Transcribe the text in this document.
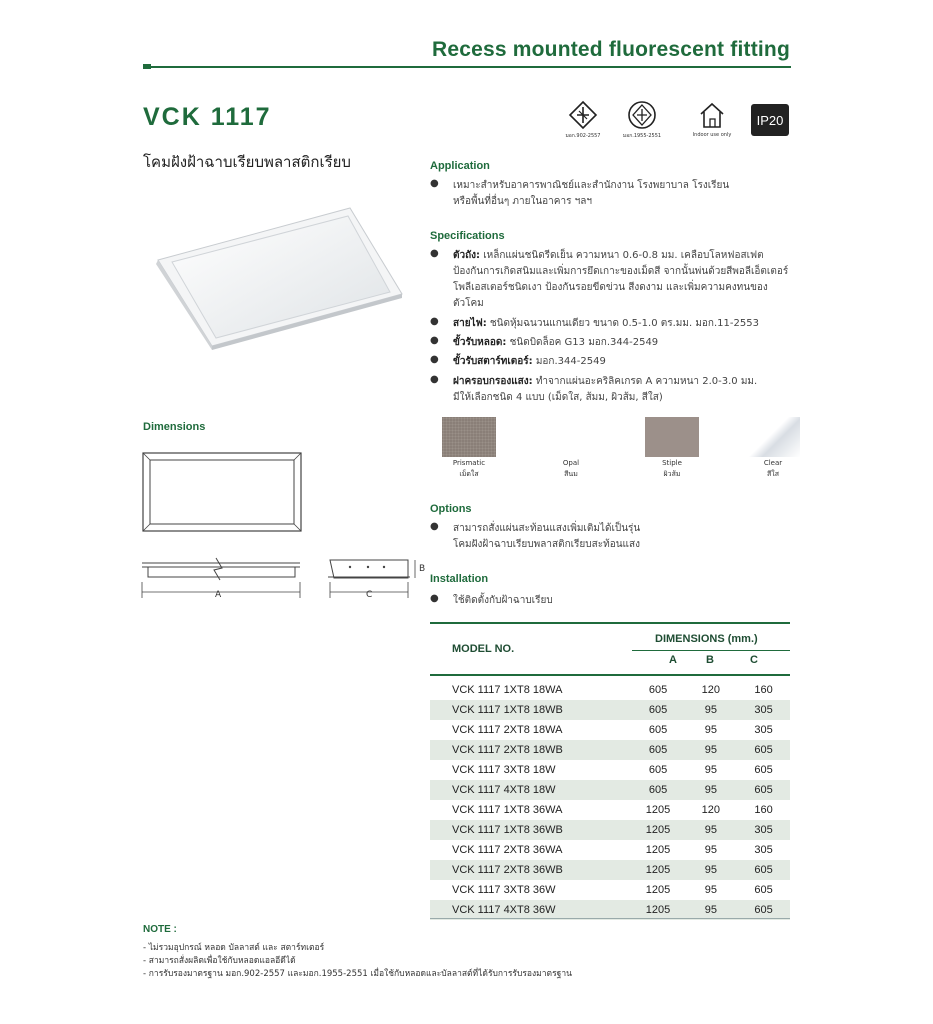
Recess mounted fluorescent fitting
VCK 1117
โคมฝังฝ้าฉาบเรียบพลาสติกเรียบ
มอก.902-2557	มอก.1955-2551	Indoor use only
IP20
Dimensions
A	C
B
Application
● เหมาะสำหรับอาคารพาณิชย์และสำนักงาน โรงพยาบาล โรงเรียน
หรือพื้นที่อื่นๆ ภายในอาคาร ฯลฯ
Specifications
● ตัวถัง: เหล็กแผ่นชนิดรีดเย็น ความหนา 0.6-0.8 มม. เคลือบโลหฟอสเฟต
ป้องกันการเกิดสนิมและเพิ่มการยึดเกาะของเม็ดสี จากนั้นพ่นด้วยสีพอลีเอ็ตเตอร์
โพลีเอสเตอร์ชนิดเงา ป้องกันรอยขีดข่วน สีงดงาม และเพิ่มความคงทนของ
ตัวโคม
● สายไฟ: ชนิดหุ้มฉนวนแกนเดียว ขนาด 0.5-1.0 ตร.มม. มอก.11-2553
● ขั้วรับหลอด: ชนิดบิดล็อค G13 มอก.344-2549
● ขั้วรับสตาร์ทเตอร์: มอก.344-2549
● ฝาครอบกรองแสง: ทำจากแผ่นอะคริลิคเกรด A ความหนา 2.0-3.0 มม.
มีให้เลือกชนิด 4 แบบ (เม็ดใส, ส้มม, ผิวส้ม, สีใส)
Prismatic
เม็ดใส
Opal
สีนม
Stiple
ผิวส้ม
Clear
สีใส
Options
● สามารถสั่งแผ่นสะท้อนแสงเพิ่มเติมได้เป็นรุ่น
โคมฝังฝ้าฉาบเรียบพลาสติกเรียบสะท้อนแสง
Installation
● ใช้ติดตั้งกับฝ้าฉาบเรียบ
MODEL NO.
DIMENSIONS (mm.)
A	B	C
VCK 1117 1XT8 18WA	605	120	160
VCK 1117 1XT8 18WB	605	95	305
VCK 1117 2XT8 18WA	605	95	305
VCK 1117 2XT8 18WB	605	95	605
VCK 1117 3XT8 18W	605	95	605
VCK 1117 4XT8 18W	605	95	605
VCK 1117 1XT8 36WA	1205	120	160
VCK 1117 1XT8 36WB	1205	95	305
VCK 1117 2XT8 36WA	1205	95	305
VCK 1117 2XT8 36WB	1205	95	605
VCK 1117 3XT8 36W	1205	95	605
VCK 1117 4XT8 36W	1205	95	605
NOTE :
- ไม่รวมอุปกรณ์ หลอด บัลลาสต์ และ สตาร์ทเตอร์
- สามารถสั่งผลิตเพื่อใช้กับหลอดแอลอีดีได้
- การรับรองมาตรฐาน มอก.902-2557 และมอก.1955-2551 เมื่อใช้กับหลอดและบัลลาสต์ที่ได้รับการรับรองมาตรฐาน
